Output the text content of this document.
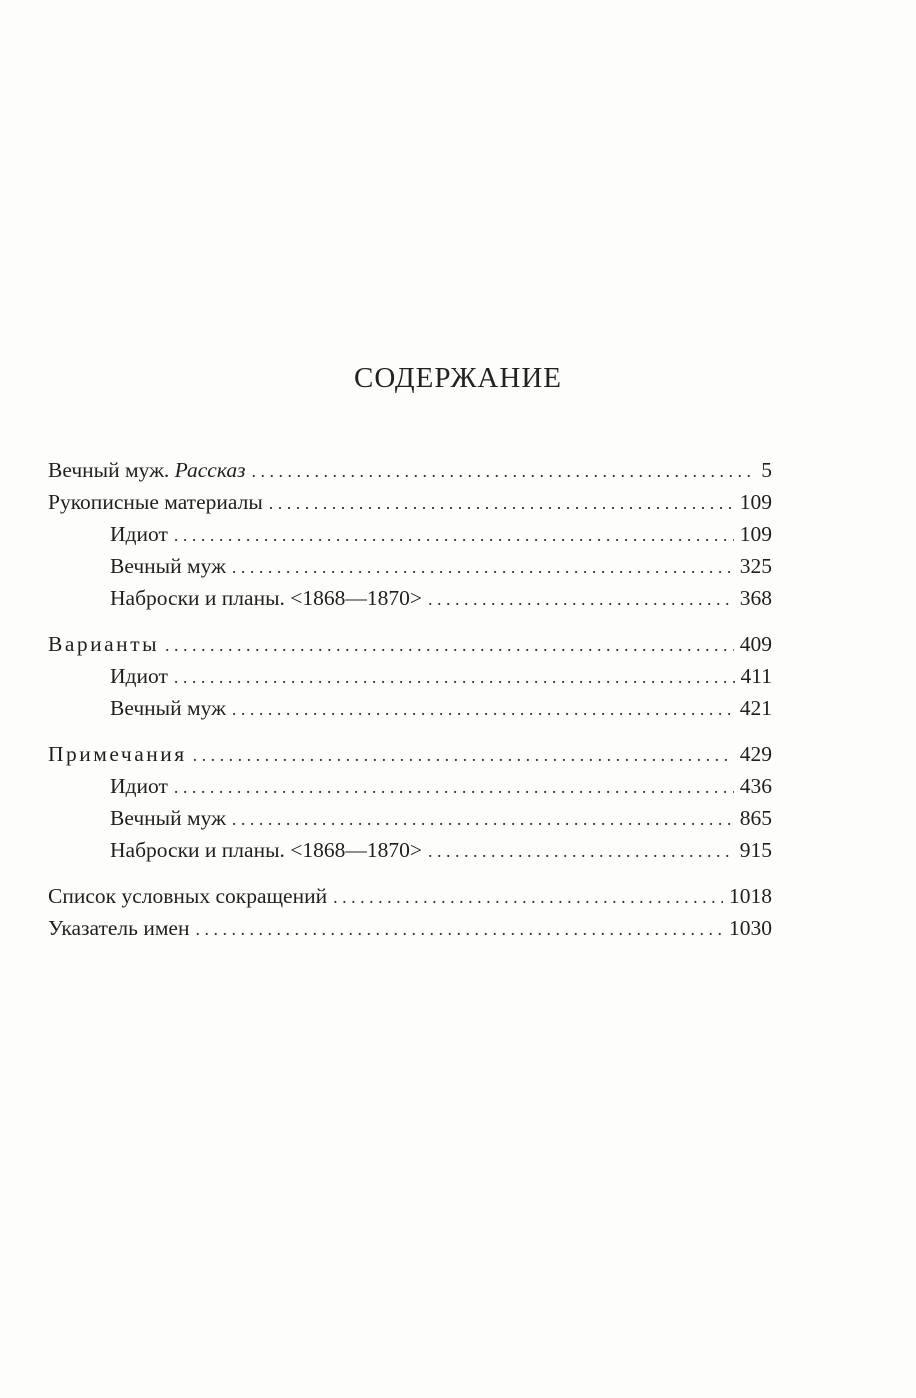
СОДЕРЖАНИЕ
Вечный муж. Рассказ . . .	5
Рукописные материалы . . .	109
Идиот . . .	109
Вечный муж . . .	325
Наброски и планы. <1868—1870> . . .	368
Варианты . . .	409
Идиот . . .	411
Вечный муж . . .	421
Примечания . . .	429
Идиот . . .	436
Вечный муж . . .	865
Наброски и планы. <1868—1870> . . .	915
Список условных сокращений . . .	1018
Указатель имен . . .	1030
